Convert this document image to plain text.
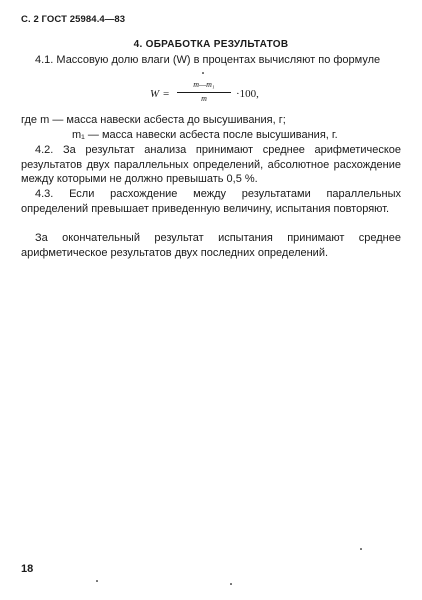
С. 2 ГОСТ 25984.4—83
4. ОБРАБОТКА РЕЗУЛЬТАТОВ

4.1. Массовую долю влаги (W) в процентах вычисляют по формуле

W =
m—m₁
m	·100,

где m — масса навески асбеста до высушивания, г;

m₁ — масса навески асбеста после высушивания, г.

4.2. За результат анализа принимают среднее арифметическое результатов двух параллельных определений, абсолютное расхождение между которыми не должно превышать 0,5 %.

4.3. Если расхождение между результатами параллельных определений превышает приведенную величину, испытания повторяют.

За окончательный результат испытания принимают среднее арифметическое результатов двух последних определений.

18
